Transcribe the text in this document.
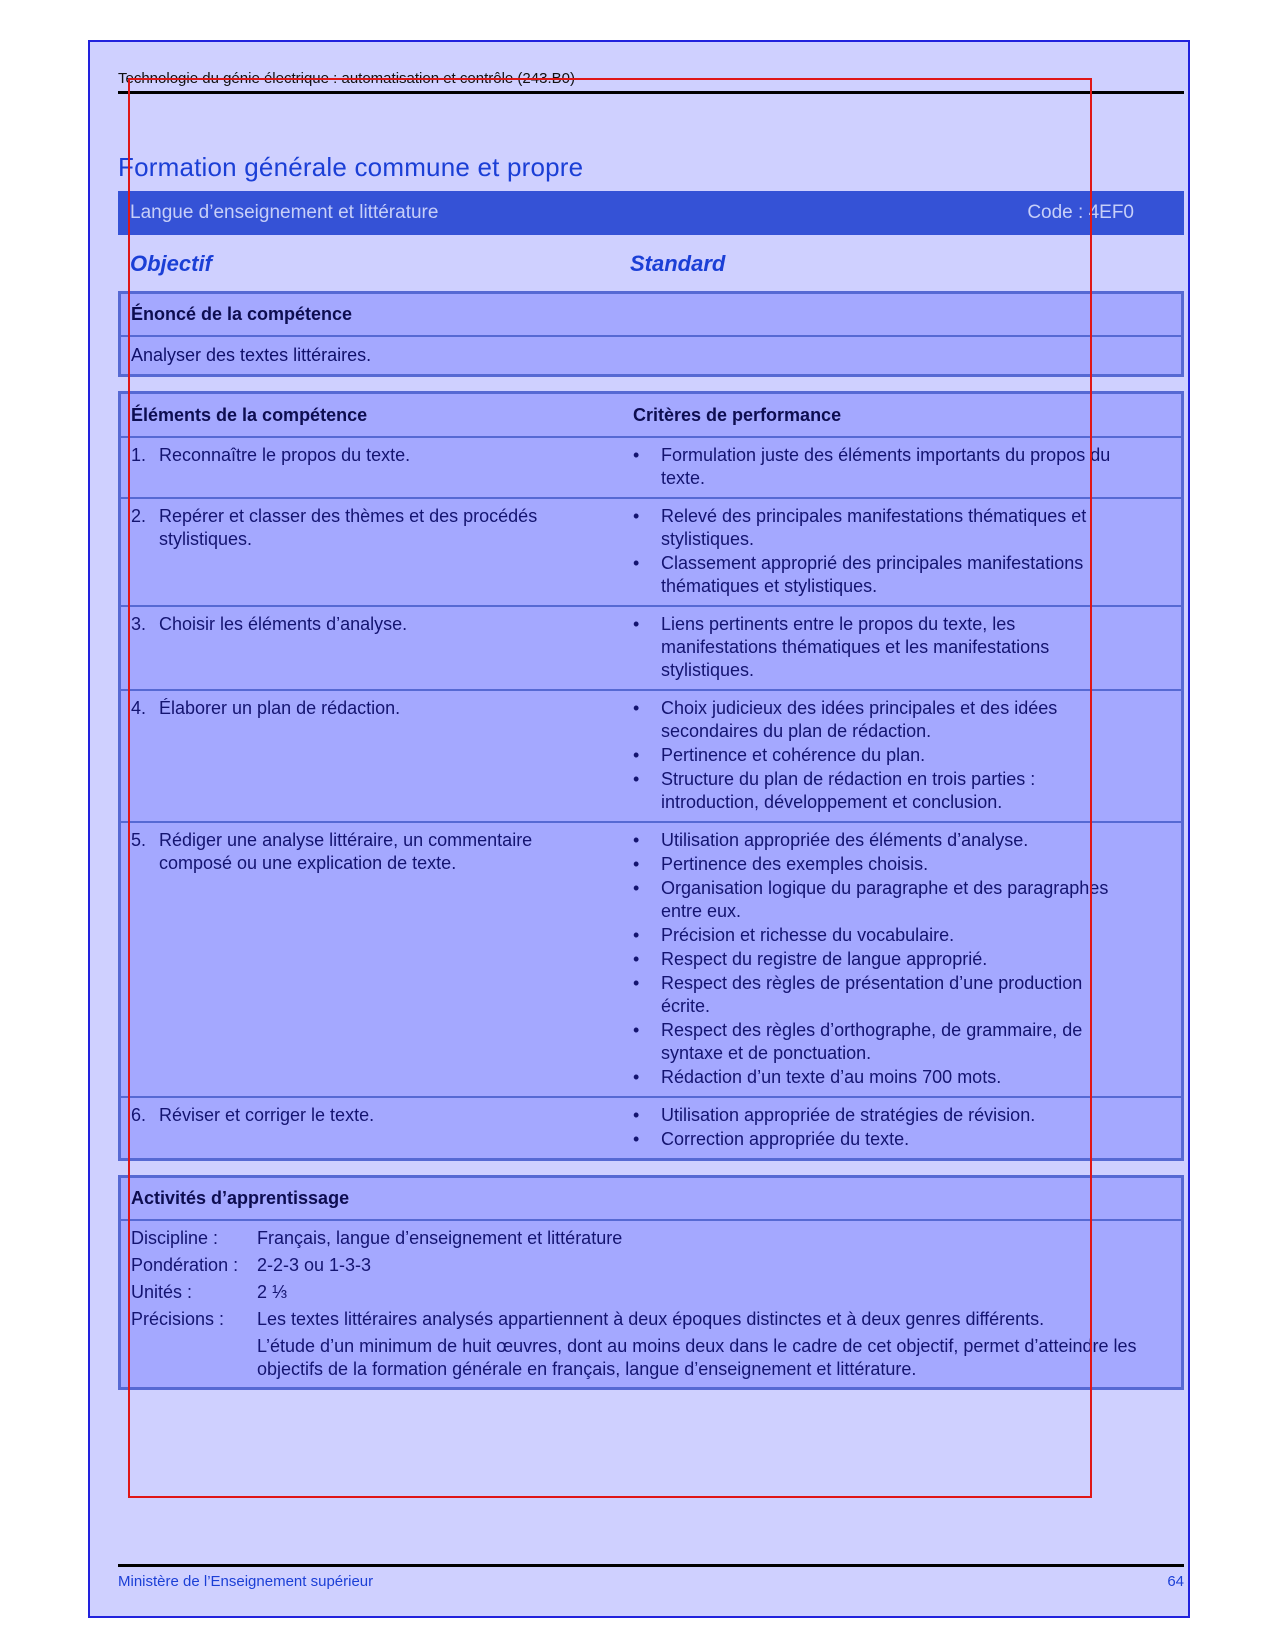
Technologie du génie électrique : automatisation et contrôle (243.B0)
Formation générale commune et propre
Langue d’enseignement et littérature	Code : 4EF0
Objectif	Standard
Énoncé de la compétence
Analyser des textes littéraires.
Éléments de la compétence	Critères de performance
1. Reconnaître le propos du texte.	•	Formulation juste des éléments importants du propos du texte.
2. Repérer et classer des thèmes et des procédés stylistiques.
•	Relevé des principales manifestations thématiques et stylistiques.
•	Classement approprié des principales manifestations thématiques et stylistiques.
3. Choisir les éléments d’analyse.	•	Liens pertinents entre le propos du texte, les manifestations thématiques et les manifestations stylistiques.
4. Élaborer un plan de rédaction.	•	Choix judicieux des idées principales et des idées secondaires du plan de rédaction.
•	Pertinence et cohérence du plan.
•	Structure du plan de rédaction en trois parties : introduction, développement et conclusion.
5. Rédiger une analyse littéraire, un commentaire composé ou une explication de texte.
•	Utilisation appropriée des éléments d’analyse.
•	Pertinence des exemples choisis.
•	Organisation logique du paragraphe et des paragraphes entre eux.
•	Précision et richesse du vocabulaire.
•	Respect du registre de langue approprié.
•	Respect des règles de présentation d’une production écrite.
•	Respect des règles d’orthographe, de grammaire, de syntaxe et de ponctuation.
•	Rédaction d’un texte d’au moins 700 mots.
6. Réviser et corriger le texte.	•	Utilisation appropriée de stratégies de révision.
•	Correction appropriée du texte.
Activités d’apprentissage
Discipline :	Français, langue d’enseignement et littérature
Pondération :	2-2-3 ou 1-3-3
Unités :	2 ⅓
Précisions :	Les textes littéraires analysés appartiennent à deux époques distinctes et à deux genres différents.
L’étude d’un minimum de huit œuvres, dont au moins deux dans le cadre de cet objectif, permet d’atteindre les objectifs de la formation générale en français, langue d’enseignement et littérature.
Ministère de l’Enseignement supérieur	64
